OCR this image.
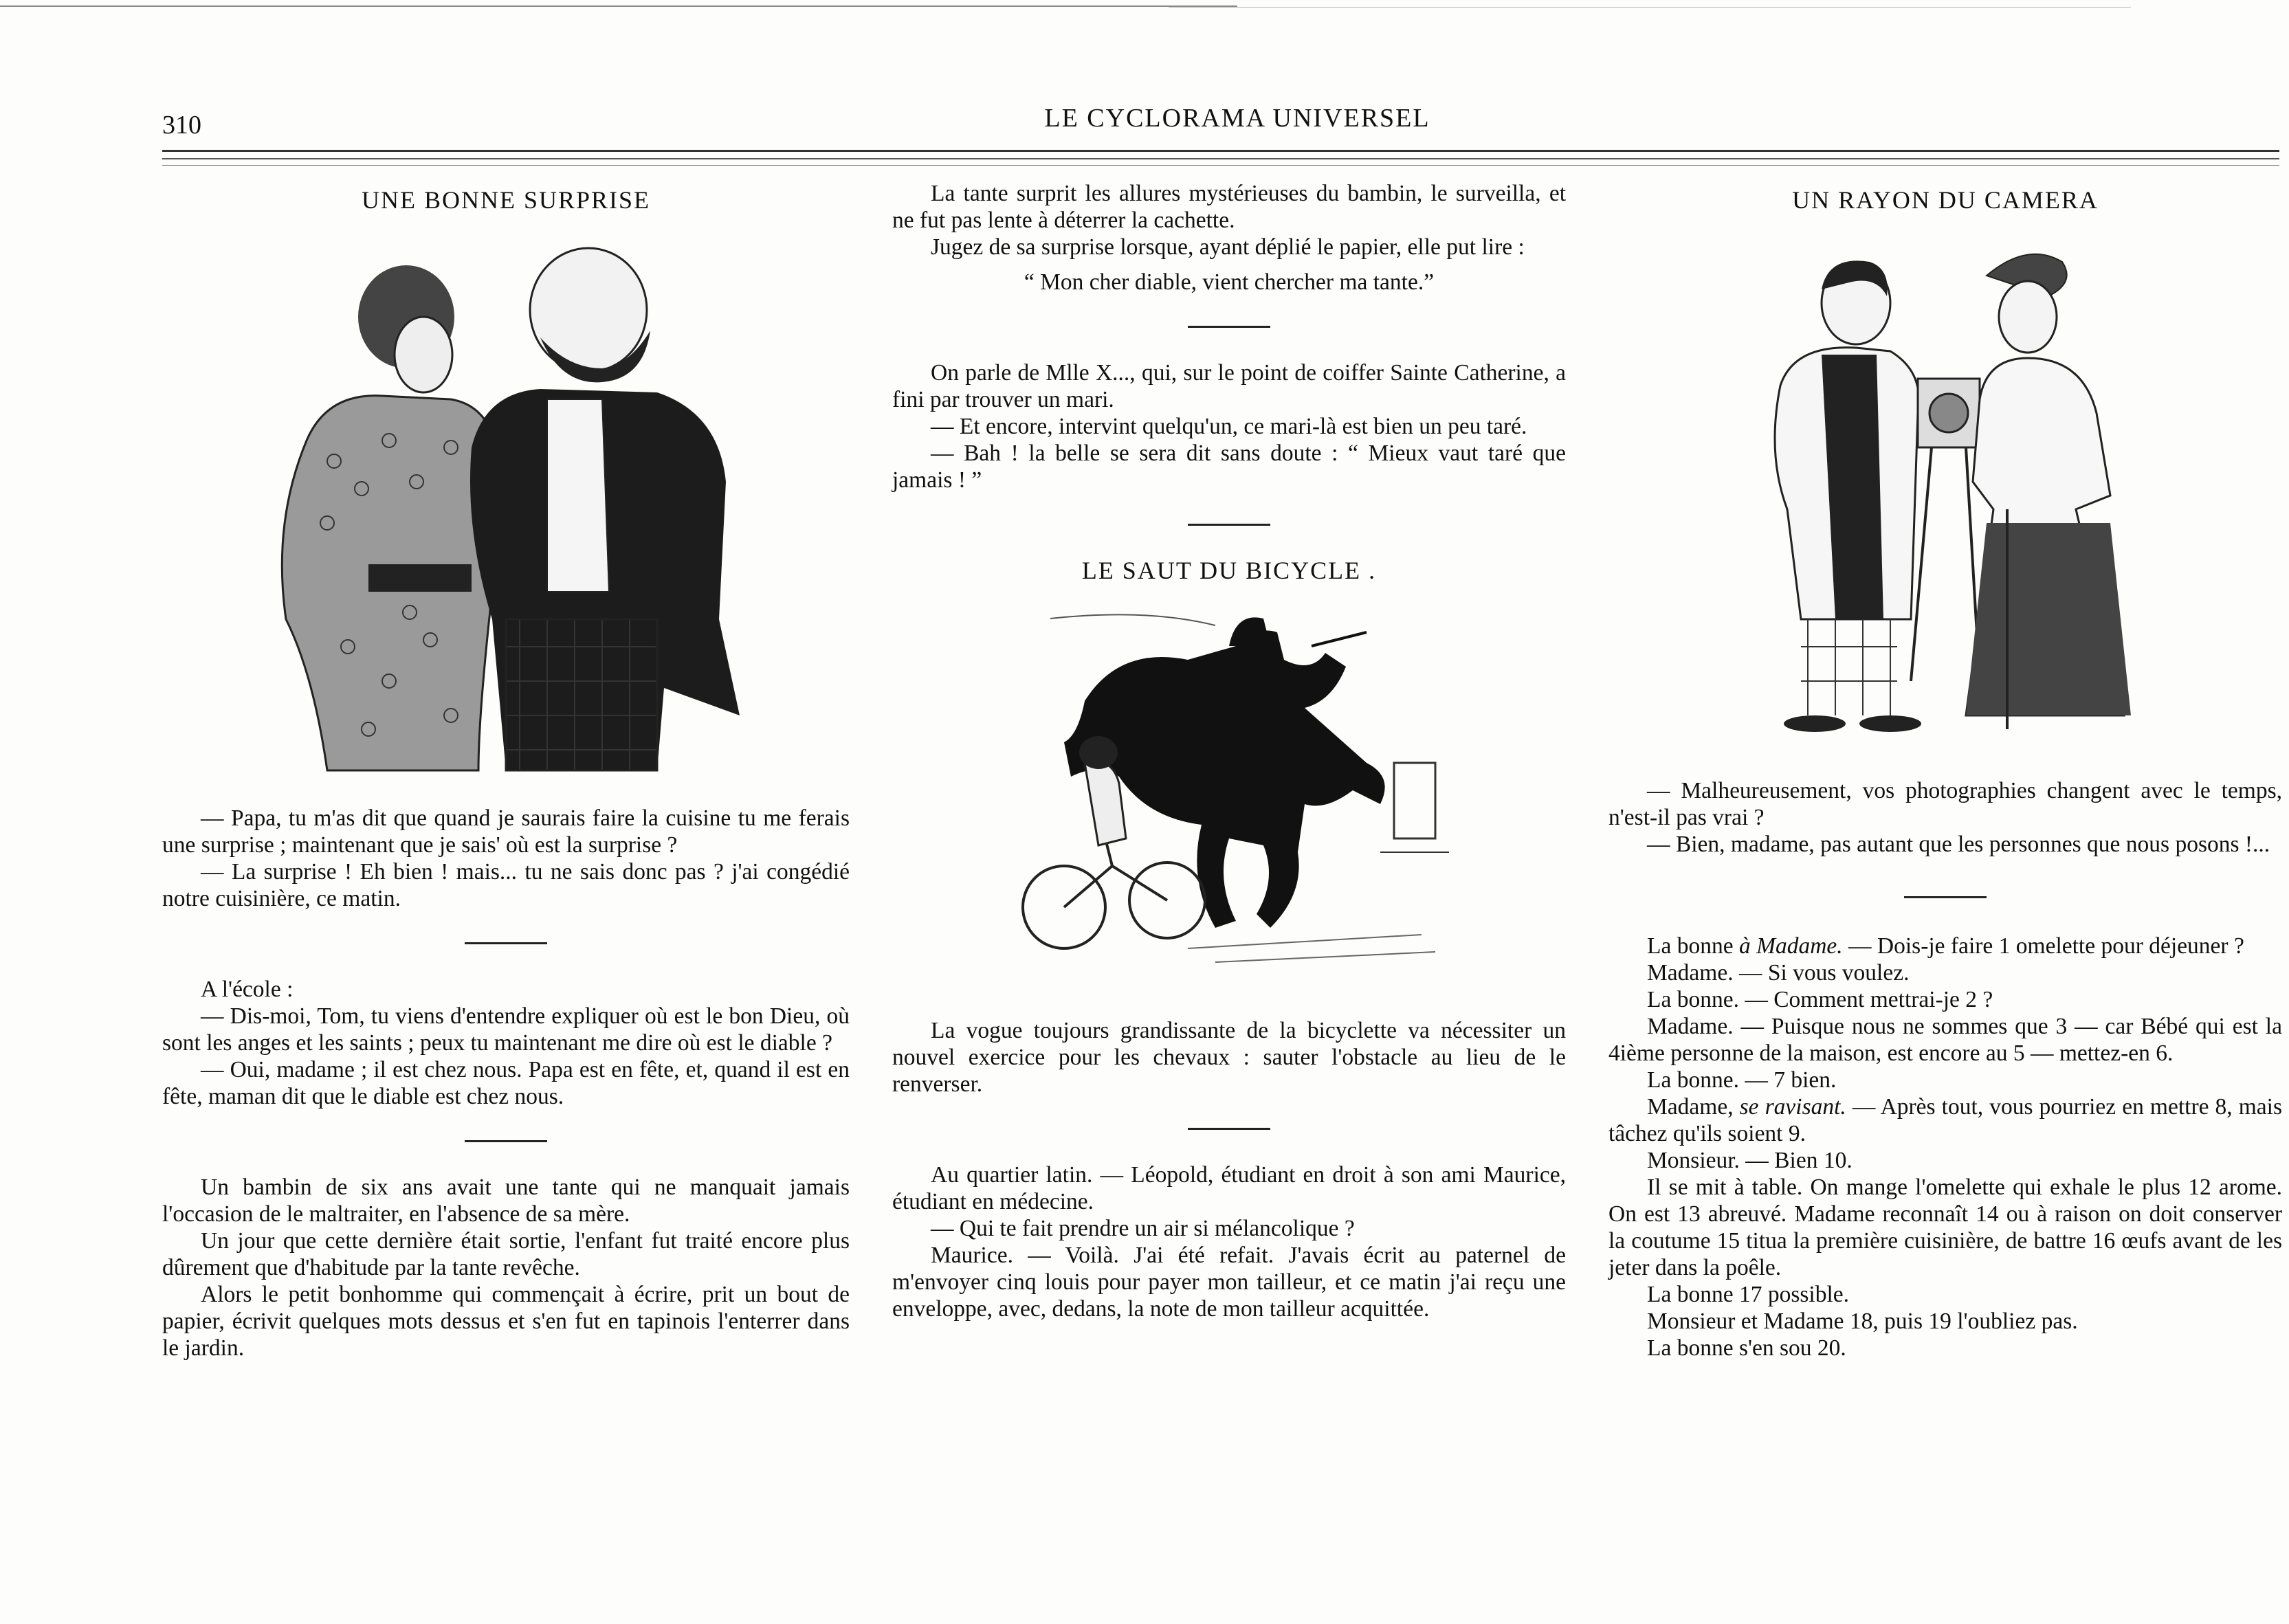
310	LE CYCLORAMA UNIVERSEL
UNE BONNE SURPRISE

— Papa, tu m'as dit que quand je saurais faire la cuisine tu me ferais une surprise ; maintenant que je sais' où est la surprise ?

— La surprise ! Eh bien ! mais... tu ne sais donc pas ? j'ai congédié notre cuisinière, ce matin.

A l'école :

— Dis-moi, Tom, tu viens d'entendre expliquer où est le bon Dieu, où sont les anges et les saints ; peux tu maintenant me dire où est le diable ?

— Oui, madame ; il est chez nous. Papa est en fête, et, quand il est en fête, maman dit que le diable est chez nous.

Un bambin de six ans avait une tante qui ne manquait jamais l'occasion de le maltraiter, en l'absence de sa mère.

Un jour que cette dernière était sortie, l'enfant fut traité encore plus dûrement que d'habitude par la tante revêche.

Alors le petit bonhomme qui commençait à écrire, prit un bout de papier, écrivit quelques mots dessus et s'en fut en tapinois l'enterrer dans le jardin.

La tante surprit les allures mystérieuses du bambin, le surveilla, et ne fut pas lente à déterrer la cachette.

Jugez de sa surprise lorsque, ayant déplié le papier, elle put lire :

“ Mon cher diable, vient chercher ma tante.”

On parle de Mlle X..., qui, sur le point de coiffer Sainte Catherine, a fini par trouver un mari.

— Et encore, intervint quelqu'un, ce mari-là est bien un peu taré.

— Bah ! la belle se sera dit sans doute : “ Mieux vaut taré que jamais ! ”

LE SAUT DU BICYCLE .

La vogue toujours grandissante de la bicyclette va nécessiter un nouvel exercice pour les chevaux : sauter l'obstacle au lieu de le renverser.

Au quartier latin. — Léopold, étudiant en droit à son ami Maurice, étudiant en médecine.

— Qui te fait prendre un air si mélancolique ?

Maurice. — Voilà. J'ai été refait. J'avais écrit au paternel de m'envoyer cinq louis pour payer mon tailleur, et ce matin j'ai reçu une enveloppe, avec, dedans, la note de mon tailleur acquittée.

UN RAYON DU CAMERA

— Malheureusement, vos photographies changent avec le temps, n'est-il pas vrai ?

— Bien, madame, pas autant que les personnes que nous posons !...

La bonne à Madame. — Dois-je faire 1 omelette pour déjeuner ?

Madame. — Si vous voulez.

La bonne. — Comment mettrai-je 2 ?

Madame. — Puisque nous ne sommes que 3 — car Bébé qui est la 4ième personne de la maison, est encore au 5 — mettez-en 6.

La bonne. — 7 bien.

Madame, se ravisant. — Après tout, vous pourriez en mettre 8, mais tâchez qu'ils soient 9.

Monsieur. — Bien 10.

Il se mit à table. On mange l'omelette qui exhale le plus 12 arome. On est 13 abreuvé. Madame reconnaît 14 ou à raison on doit conserver la coutume 15 titua la première cuisinière, de battre 16 œufs avant de les jeter dans la poêle.

La bonne 17 possible.

Monsieur et Madame 18, puis 19 l'oubliez pas.

La bonne s'en sou 20.
